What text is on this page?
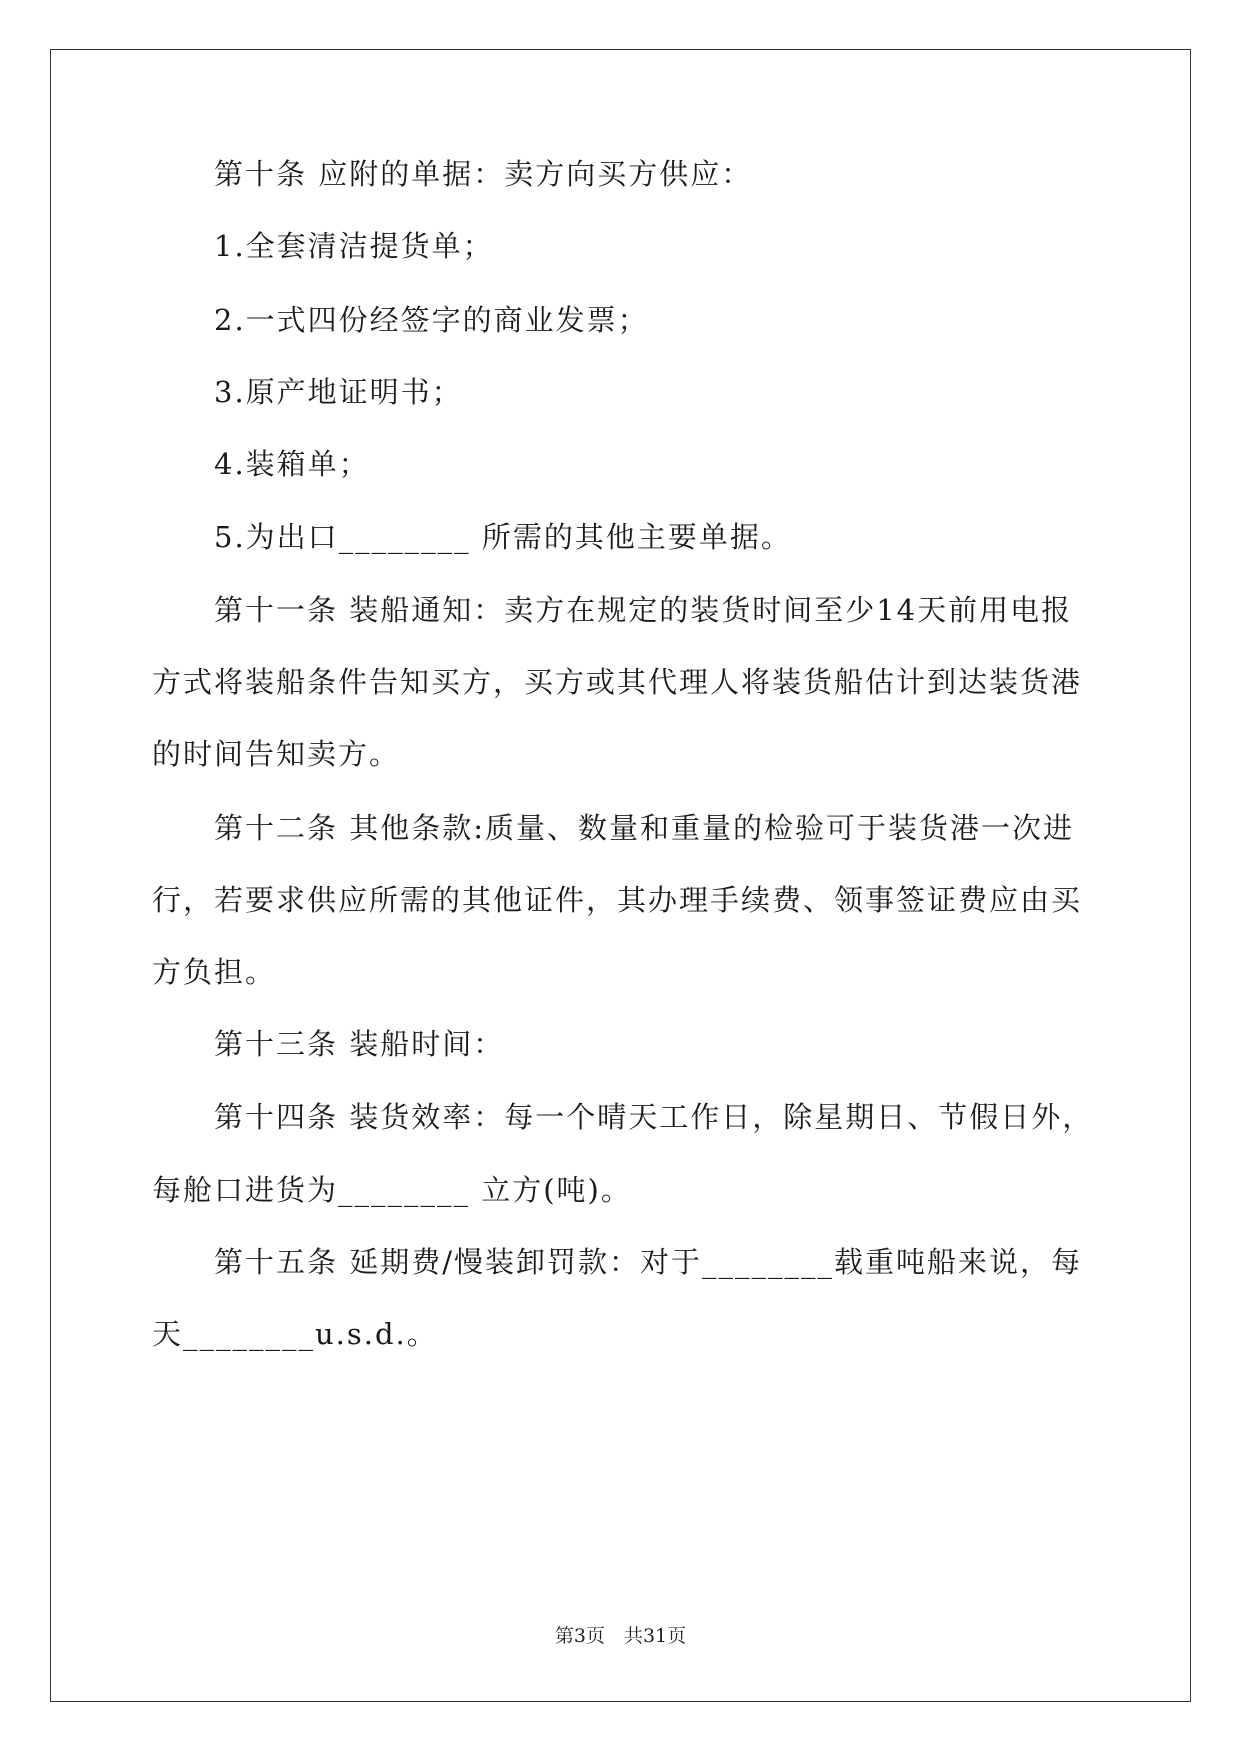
第十条 应附的单据：卖方向买方供应：
1.全套清洁提货单；
2.一式四份经签字的商业发票；
3.原产地证明书；
4.装箱单；
5.为出口________ 所需的其他主要单据。
第十一条 装船通知：卖方在规定的装货时间至少14天前用电报
方式将装船条件告知买方，买方或其代理人将装货船估计到达装货港
的时间告知卖方。
第十二条 其他条款:质量、数量和重量的检验可于装货港一次进
行，若要求供应所需的其他证件，其办理手续费、领事签证费应由买
方负担。
第十三条 装船时间：
第十四条 装货效率：每一个晴天工作日，除星期日、节假日外，
每舱口进货为________ 立方(吨)。
第十五条 延期费/慢装卸罚款：对于________载重吨船来说，每
天________u.s.d.。
第3页　共31页
